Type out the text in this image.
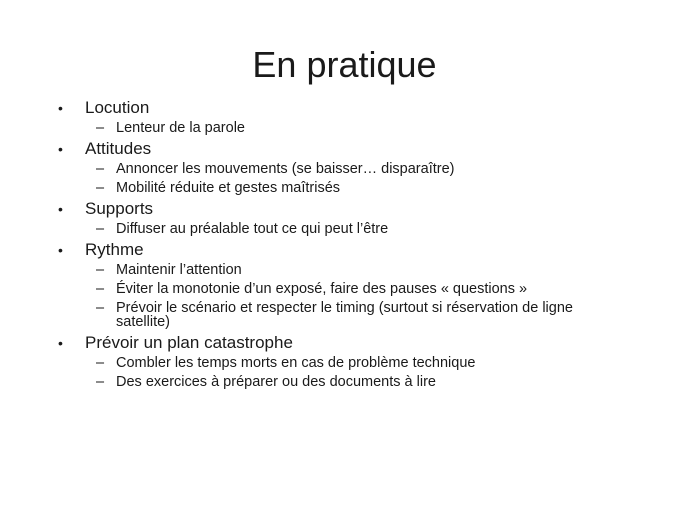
En pratique
•	Locution
– Lenteur de la parole
•	Attitudes
– Annoncer les mouvements (se baisser… disparaître)
– Mobilité réduite et gestes maîtrisés
•	Supports
– Diffuser au préalable tout ce qui peut l’être
•	Rythme
– Maintenir l’attention
– Éviter la monotonie d’un exposé, faire des pauses « questions »
– Prévoir le scénario et respecter le timing (surtout si réservation de ligne satellite)
•	Prévoir un plan catastrophe
– Combler les temps morts en cas de problème technique
– Des exercices à préparer ou des documents à lire
